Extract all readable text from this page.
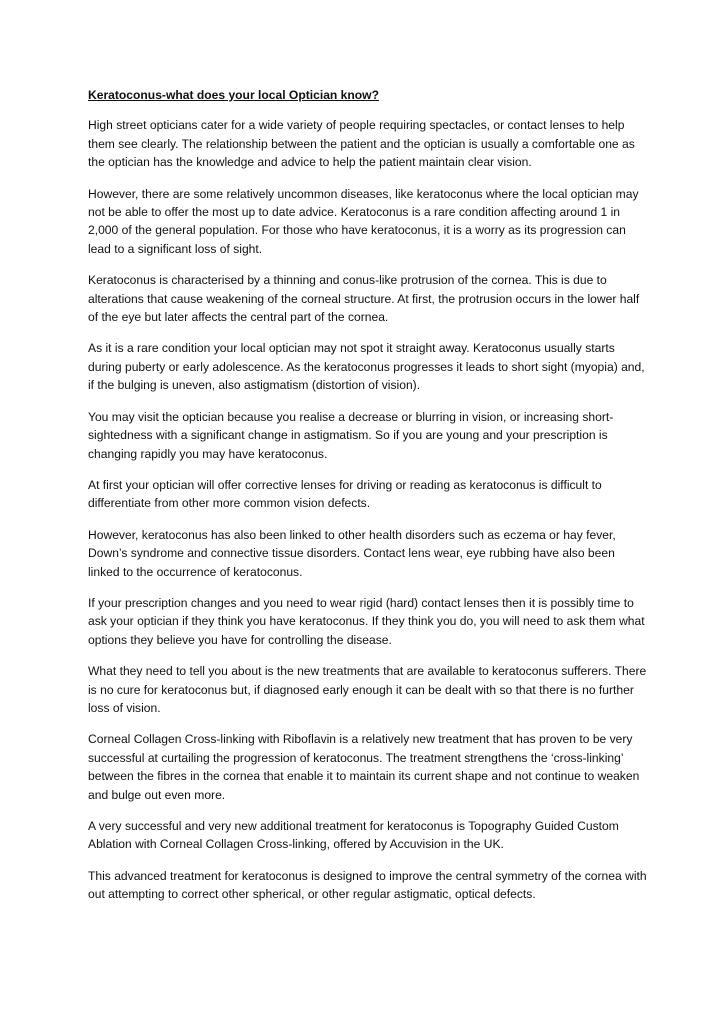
Keratoconus-what does your local Optician know?

High street opticians cater for a wide variety of people requiring spectacles, or contact lenses to help them see clearly. The relationship between the patient and the optician is usually a comfortable one as the optician has the knowledge and advice to help the patient maintain clear vision.

However, there are some relatively uncommon diseases, like keratoconus where the local optician may not be able to offer the most up to date advice. Keratoconus is a rare condition affecting around 1 in 2,000 of the general population. For those who have keratoconus, it is a worry as its progression can lead to a significant loss of sight.

Keratoconus is characterised by a thinning and conus-like protrusion of the cornea. This is due to alterations that cause weakening of the corneal structure. At first, the protrusion occurs in the lower half of the eye but later affects the central part of the cornea.

As it is a rare condition your local optician may not spot it straight away. Keratoconus usually starts during puberty or early adolescence. As the keratoconus progresses it leads to short sight (myopia) and, if the bulging is uneven, also astigmatism (distortion of vision).

You may visit the optician because you realise a decrease or blurring in vision, or increasing short-sightedness with a significant change in astigmatism. So if you are young and your prescription is changing rapidly you may have keratoconus.

At first your optician will offer corrective lenses for driving or reading as keratoconus is difficult to differentiate from other more common vision defects.

However, keratoconus has also been linked to other health disorders such as eczema or hay fever, Down’s syndrome and connective tissue disorders. Contact lens wear, eye rubbing have also been linked to the occurrence of keratoconus.

If your prescription changes and you need to wear rigid (hard) contact lenses then it is possibly time to ask your optician if they think you have keratoconus. If they think you do, you will need to ask them what options they believe you have for controlling the disease.

What they need to tell you about is the new treatments that are available to keratoconus sufferers. There is no cure for keratoconus but, if diagnosed early enough it can be dealt with so that there is no further loss of vision.

Corneal Collagen Cross-linking with Riboflavin is a relatively new treatment that has proven to be very successful at curtailing the progression of keratoconus. The treatment strengthens the ‘cross-linking’ between the fibres in the cornea that enable it to maintain its current shape and not continue to weaken and bulge out even more.

A very successful and very new additional treatment for keratoconus is Topography Guided Custom Ablation with Corneal Collagen Cross-linking, offered by Accuvision in the UK.

This advanced treatment for keratoconus is designed to improve the central symmetry of the cornea with out attempting to correct other spherical, or other regular astigmatic, optical defects.
